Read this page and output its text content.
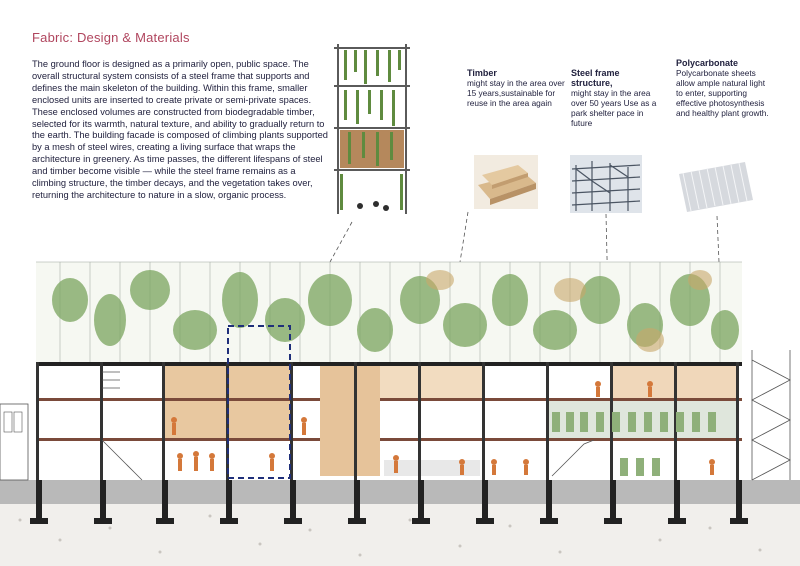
Fabric: Design & Materials
The ground floor is designed as a primarily open, public space. The overall structural system consists of a steel frame that supports and defines the main skeleton of the building. Within this frame, smaller enclosed units are inserted to create private or semi-private spaces. These enclosed volumes are constructed from biodegradable timber, selected for its warmth, natural texture, and ability to gradually return to the earth. The building facade is composed of climbing plants supported by a mesh of steel wires, creating a living surface that wraps the architecture in greenery. As time passes, the different lifespans of steel and timber become visible — while the steel frame remains as a climbing structure, the timber decays, and the vegetation takes over, returning the architecture to nature in a slow, organic process.
Timber
might stay in the area over 15 years,sustainable for reuse in the area again
Steel frame structure,
might stay in the area over 50 years Use as a park shelter pace in future
Polycarbonate
Polycarbonate sheets allow ample natural light to enter, supporting effective photosynthesis and healthy plant growth.
